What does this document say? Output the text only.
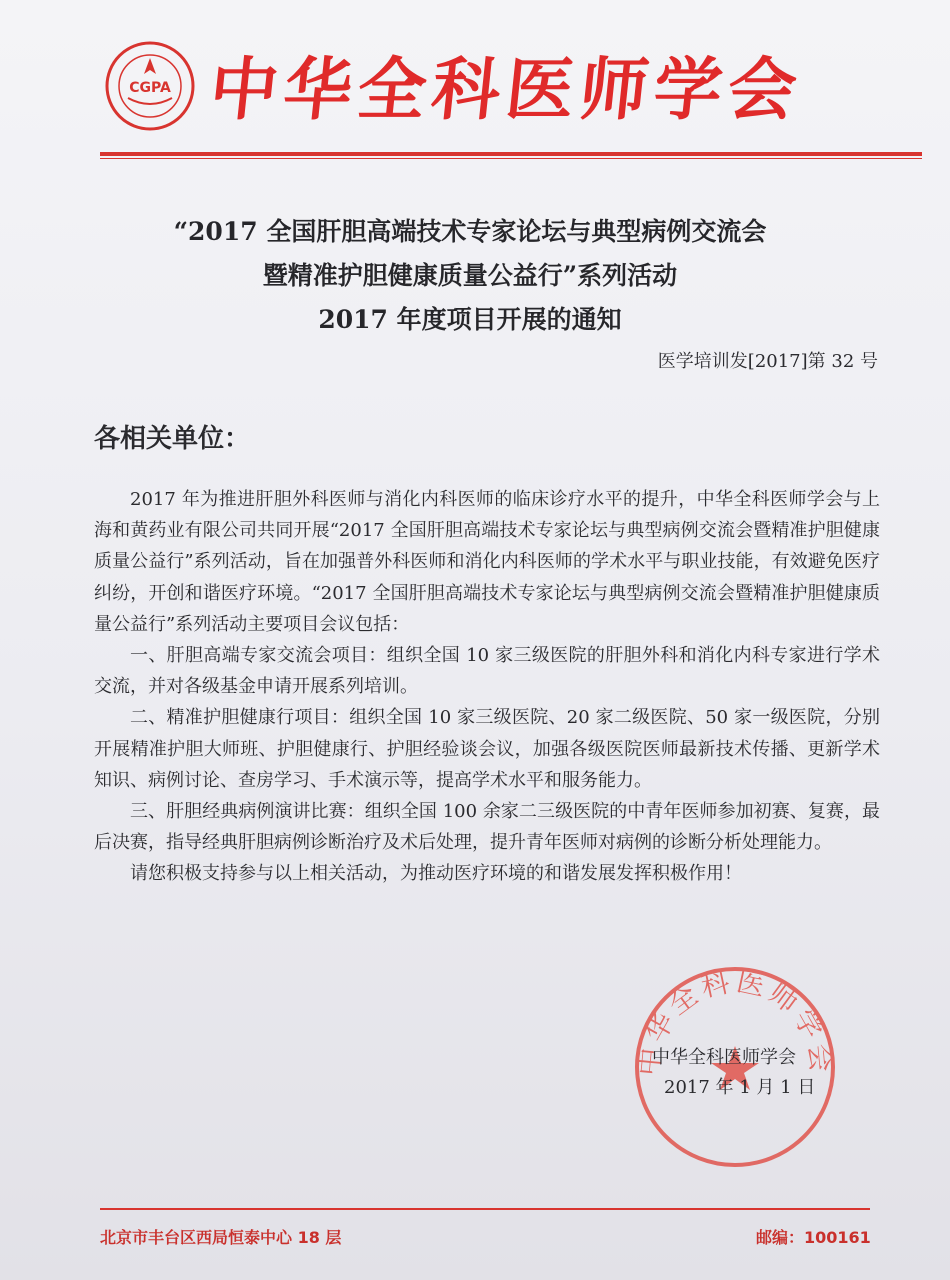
CGPA 中华全科医师学会
“2017 全国肝胆高端技术专家论坛与典型病例交流会
暨精准护胆健康质量公益行”系列活动
2017 年度项目开展的通知
医学培训发[2017]第 32 号
各相关单位：

2017 年为推进肝胆外科医师与消化内科医师的临床诊疗水平的提升，中华全科医师学会与上海和黄药业有限公司共同开展“2017 全国肝胆高端技术专家论坛与典型病例交流会暨精准护胆健康质量公益行”系列活动，旨在加强普外科医师和消化内科医师的学术水平与职业技能，有效避免医疗纠纷，开创和谐医疗环境。“2017 全国肝胆高端技术专家论坛与典型病例交流会暨精准护胆健康质量公益行”系列活动主要项目会议包括：

一、肝胆高端专家交流会项目：组织全国 10 家三级医院的肝胆外科和消化内科专家进行学术交流，并对各级基金申请开展系列培训。

二、精准护胆健康行项目：组织全国 10 家三级医院、20 家二级医院、50 家一级医院，分别开展精准护胆大师班、护胆健康行、护胆经验谈会议，加强各级医院医师最新技术传播、更新学术知识、病例讨论、查房学习、手术演示等，提高学术水平和服务能力。

三、肝胆经典病例演讲比赛：组织全国 100 余家二三级医院的中青年医师参加初赛、复赛，最后决赛，指导经典肝胆病例诊断治疗及术后处理，提升青年医师对病例的诊断分析处理能力。

请您积极支持参与以上相关活动，为推动医疗环境的和谐发展发挥积极作用！

中华全科医师学会
中华全科医师学会
2017 年 1 月 1 日
北京市丰台区西局恒泰中心 18 层	邮编：100161
